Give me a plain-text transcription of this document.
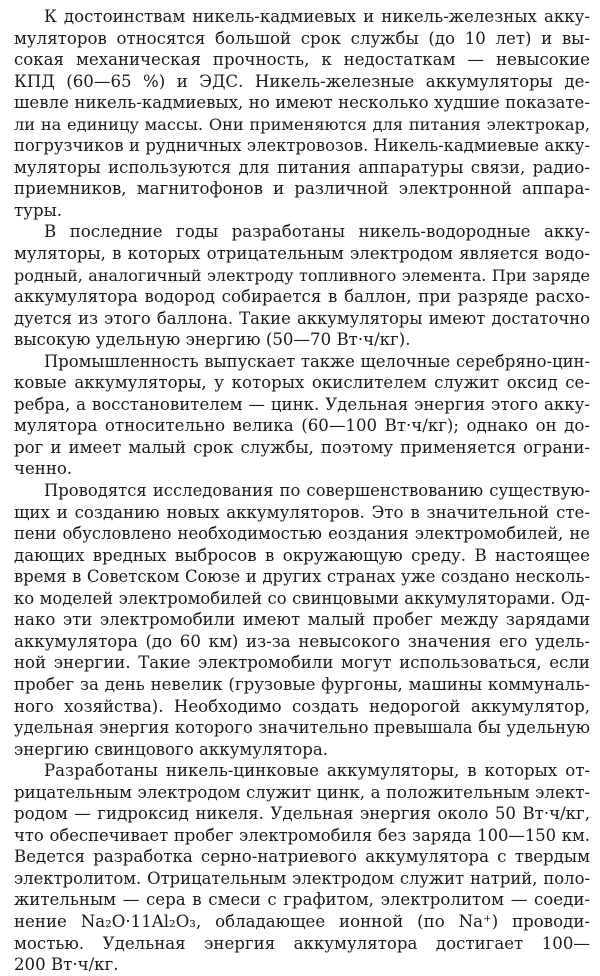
К достоинствам никель-кадмиевых и никель-железных акку-
муляторов относятся большой срок службы (до 10 лет) и вы-
сокая механическая прочность, к недостаткам — невысокие
КПД (60—65 %) и ЭДС. Никель-железные аккумуляторы де-
шевле никель-кадмиевых, но имеют несколько худшие показате-
ли на единицу массы. Они применяются для питания электрокар,
погрузчиков и рудничных электровозов. Никель-кадмиевые акку-
муляторы используются для питания аппаратуры связи, радио-
приемников, магнитофонов и различной электронной аппара-
туры.
В последние годы разработаны никель-водородные акку-
муляторы, в которых отрицательным электродом является водо-
родный, аналогичный электроду топливного элемента. При заряде
аккумулятора водород собирается в баллон, при разряде расхо-
дуется из этого баллона. Такие аккумуляторы имеют достаточно
высокую удельную энергию (50—70 Вт·ч/кг).
Промышленность выпускает также щелочные серебряно-цин-
ковые аккумуляторы, у которых окислителем служит оксид се-
ребра, а восстановителем — цинк. Удельная энергия этого акку-
мулятора относительно велика (60—100 Вт·ч/кг); однако он до-
рог и имеет малый срок службы, поэтому применяется ограни-
ченно.
Проводятся исследования по совершенствованию существую-
щих и созданию новых аккумуляторов. Это в значительной сте-
пени обусловлено необходимостью еоздания электромобилей, не
дающих вредных выбросов в окружающую среду. В настоящее
время в Советском Союзе и других странах уже создано несколь-
ко моделей электромобилей со свинцовыми аккумуляторами. Од-
нако эти электромобили имеют малый пробег между зарядами
аккумулятора (до 60 км) из-за невысокого значения его удель-
ной энергии. Такие электромобили могут использоваться, если
пробег за день невелик (грузовые фургоны, машины коммуналь-
ного хозяйства). Необходимо создать недорогой аккумулятор,
удельная энергия которого значительно превышала бы удельную
энергию свинцового аккумулятора.
Разработаны никель-цинковые аккумуляторы, в которых от-
рицательным электродом служит цинк, а положительным элект-
родом — гидроксид никеля. Удельная энергия около 50 Вт·ч/кг,
что обеспечивает пробег электромобиля без заряда 100—150 км.
Ведется разработка серно-натриевого аккумулятора с твердым
электролитом. Отрицательным электродом служит натрий, поло-
жительным — сера в смеси с графитом, электролитом — соеди-
нение Na₂O·11Al₂O₃, обладающее ионной (по Na⁺) проводи-
мостью. Удельная энергия аккумулятора достигает 100—
200 Вт·ч/кг.
